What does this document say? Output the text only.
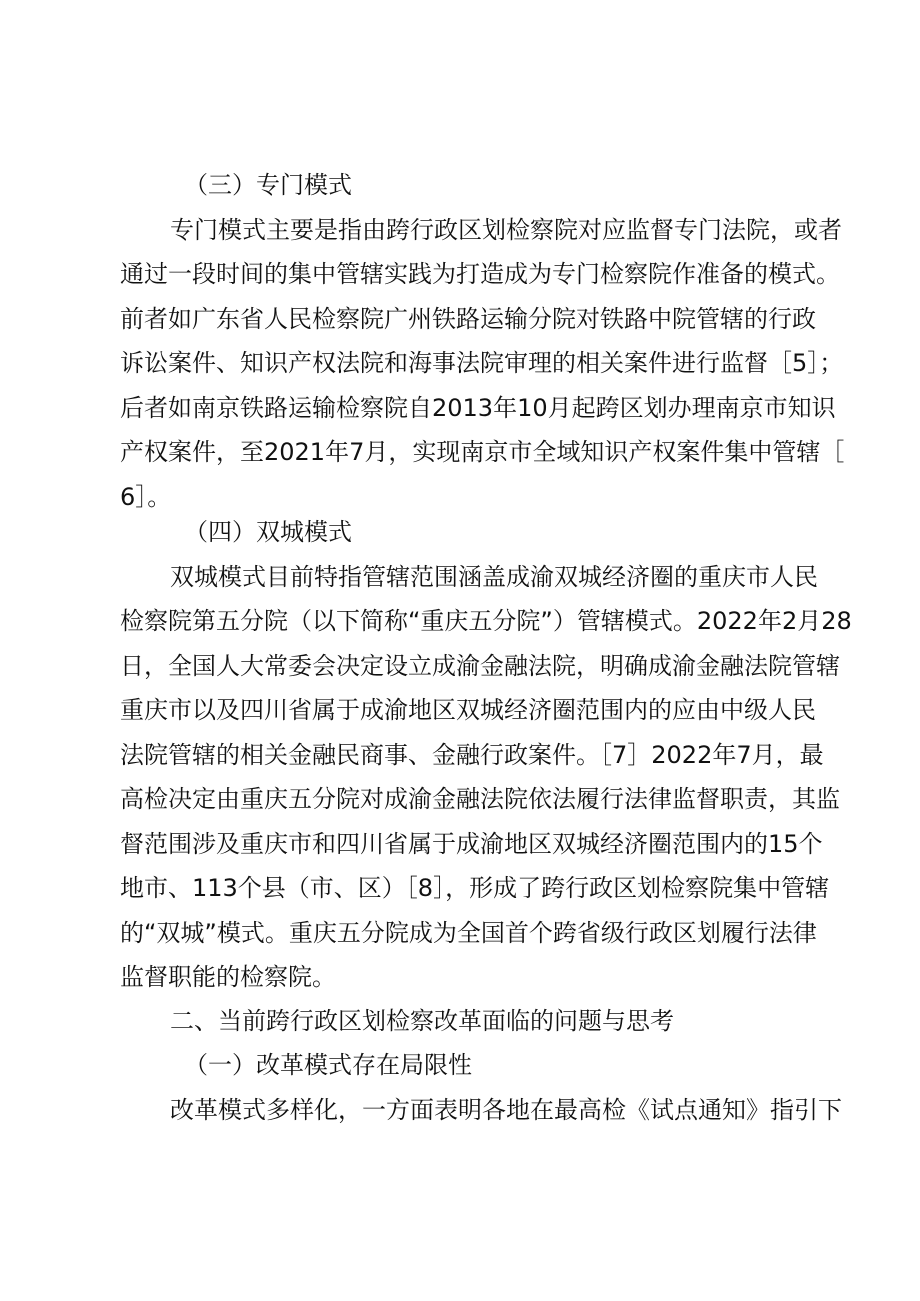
（三）专门模式
专门模式主要是指由跨行政区划检察院对应监督专门法院，或者
通过一段时间的集中管辖实践为打造成为专门检察院作准备的模式。
前者如广东省人民检察院广州铁路运输分院对铁路中院管辖的行政
诉讼案件、知识产权法院和海事法院审理的相关案件进行监督［5］；
后者如南京铁路运输检察院自2013年10月起跨区划办理南京市知识
产权案件，至2021年7月，实现南京市全域知识产权案件集中管辖［
6］。
（四）双城模式
双城模式目前特指管辖范围涵盖成渝双城经济圈的重庆市人民
检察院第五分院（以下简称“重庆五分院”）管辖模式。2022年2月28
日，全国人大常委会决定设立成渝金融法院，明确成渝金融法院管辖
重庆市以及四川省属于成渝地区双城经济圈范围内的应由中级人民
法院管辖的相关金融民商事、金融行政案件。［7］2022年7月，最
高检决定由重庆五分院对成渝金融法院依法履行法律监督职责，其监
督范围涉及重庆市和四川省属于成渝地区双城经济圈范围内的15个
地市、113个县（市、区）［8］，形成了跨行政区划检察院集中管辖
的“双城”模式。重庆五分院成为全国首个跨省级行政区划履行法律
监督职能的检察院。
二、当前跨行政区划检察改革面临的问题与思考
（一）改革模式存在局限性
改革模式多样化，一方面表明各地在最高检《试点通知》指引下
